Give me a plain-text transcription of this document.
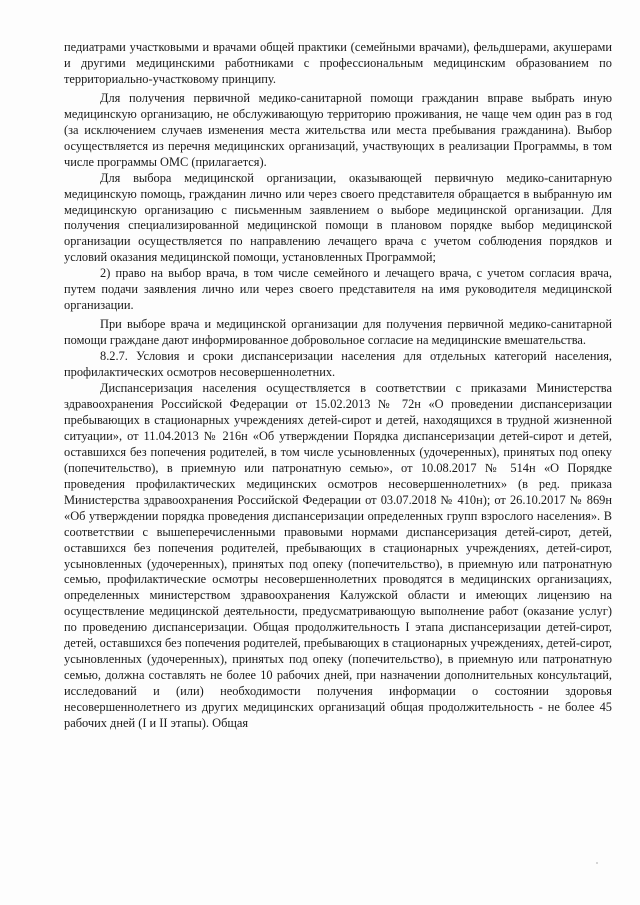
педиатрами участковыми и врачами общей практики (семейными врачами), фельдшерами, акушерами и другими медицинскими работниками с профессиональным медицинским образованием по территориально-участковому принципу.

Для получения первичной медико-санитарной помощи гражданин вправе выбрать иную медицинскую организацию, не обслуживающую территорию проживания, не чаще чем один раз в год (за исключением случаев изменения места жительства или места пребывания гражданина). Выбор осуществляется из перечня медицинских организаций, участвующих в реализации Программы, в том числе программы ОМС (прилагается).

Для выбора медицинской организации, оказывающей первичную медико-санитарную медицинскую помощь, гражданин лично или через своего представителя обращается в выбранную им медицинскую организацию с письменным заявлением о выборе медицинской организации. Для получения специализированной медицинской помощи в плановом порядке выбор медицинской организации осуществляется по направлению лечащего врача с учетом соблюдения порядков и условий оказания медицинской помощи, установленных Программой;

2) право на выбор врача, в том числе семейного и лечащего врача, с учетом согласия врача, путем подачи заявления лично или через своего представителя на имя руководителя медицинской организации.

При выборе врача и медицинской организации для получения первичной медико-санитарной помощи граждане дают информированное добровольное согласие на медицинские вмешательства.

8.2.7. Условия и сроки диспансеризации населения для отдельных категорий населения, профилактических осмотров несовершеннолетних.

Диспансеризация населения осуществляется в соответствии с приказами Министерства здравоохранения Российской Федерации от 15.02.2013 № 72н «О проведении диспансеризации пребывающих в стационарных учреждениях детей-сирот и детей, находящихся в трудной жизненной ситуации», от 11.04.2013 № 216н «Об утверждении Порядка диспансеризации детей-сирот и детей, оставшихся без попечения родителей, в том числе усыновленных (удочеренных), принятых под опеку (попечительство), в приемную или патронатную семью», от 10.08.2017 № 514н «О Порядке проведения профилактических медицинских осмотров несовершеннолетних» (в ред. приказа Министерства здравоохранения Российской Федерации от 03.07.2018 № 410н); от 26.10.2017 № 869н «Об утверждении порядка проведения диспансеризации определенных групп взрослого населения». В соответствии с вышеперечисленными правовыми нормами диспансеризация детей-сирот, детей, оставшихся без попечения родителей, пребывающих в стационарных учреждениях, детей-сирот, усыновленных (удочеренных), принятых под опеку (попечительство), в приемную или патронатную семью, профилактические осмотры несовершеннолетних проводятся в медицинских организациях, определенных министерством здравоохранения Калужской области и имеющих лицензию на осуществление медицинской деятельности, предусматривающую выполнение работ (оказание услуг) по проведению диспансеризации. Общая продолжительность I этапа диспансеризации детей-сирот, детей, оставшихся без попечения родителей, пребывающих в стационарных учреждениях, детей-сирот, усыновленных (удочеренных), принятых под опеку (попечительство), в приемную или патронатную семью, должна составлять не более 10 рабочих дней, при назначении дополнительных консультаций, исследований и (или) необходимости получения информации о состоянии здоровья несовершеннолетнего из других медицинских организаций общая продолжительность - не более 45 рабочих дней (I и II этапы). Общая
